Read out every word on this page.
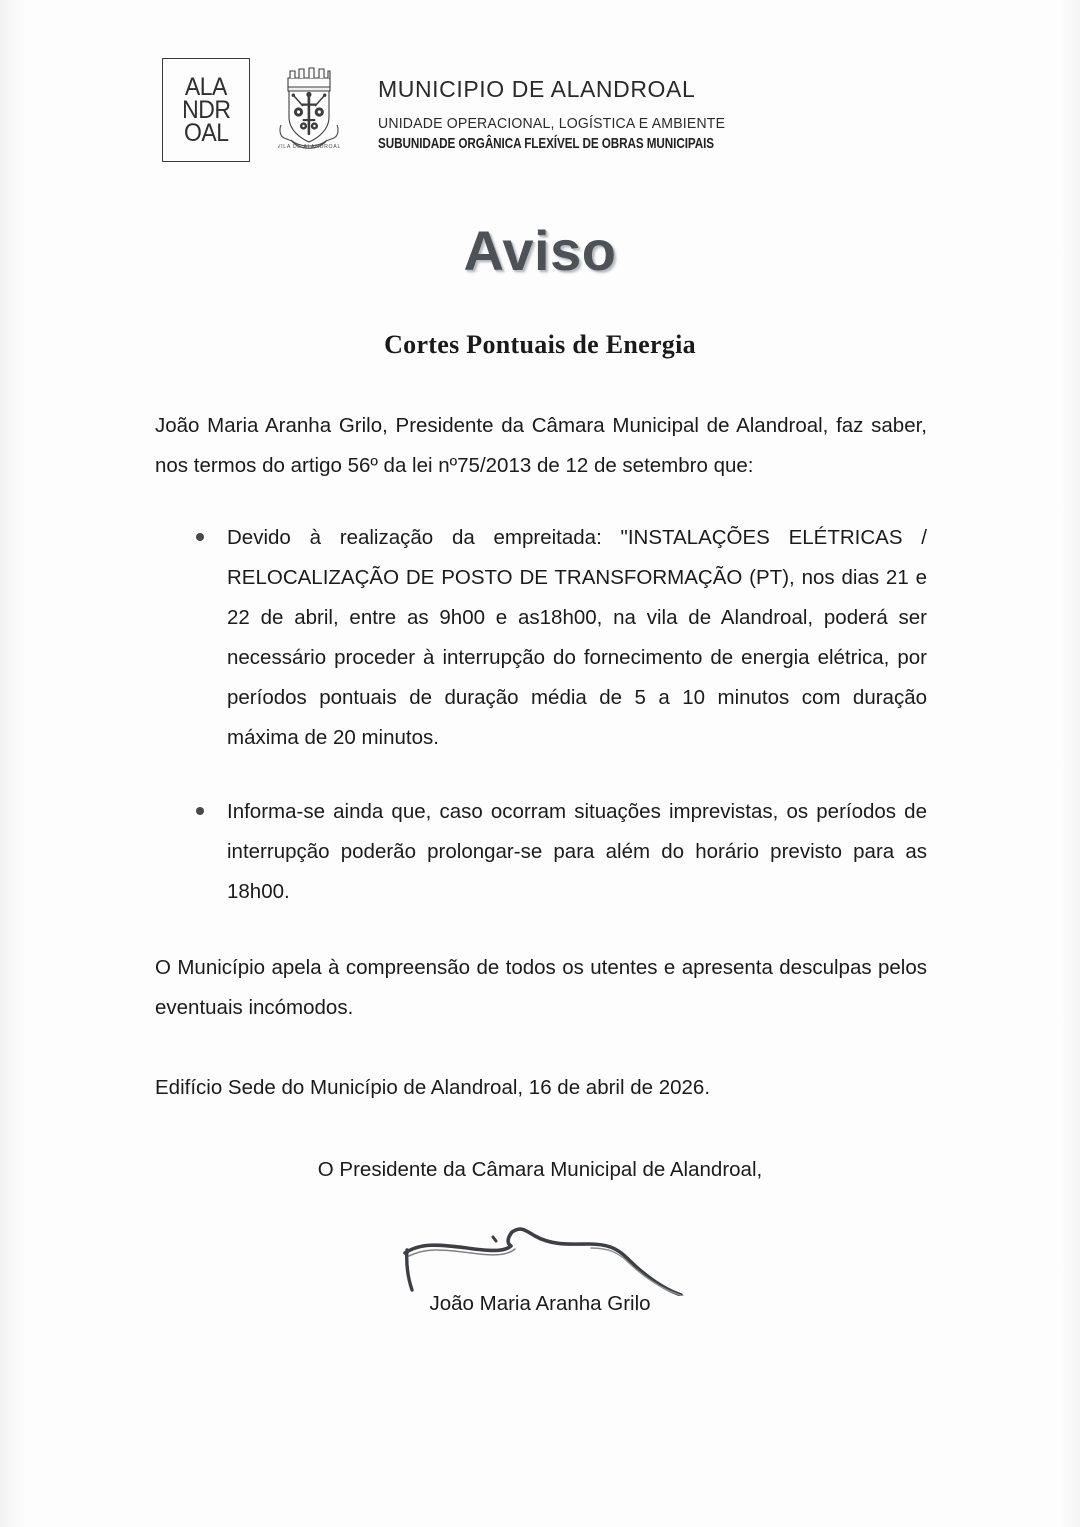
ALA
NDR
OAL
VILA DE ALANDROAL
MUNICIPIO DE ALANDROAL
UNIDADE OPERACIONAL, LOGÍSTICA E AMBIENTE
SUBUNIDADE ORGÂNICA FLEXÍVEL DE OBRAS MUNICIPAIS
Aviso
Cortes Pontuais de Energia
João Maria Aranha Grilo, Presidente da Câmara Municipal de Alandroal, faz saber, nos termos do artigo 56º da lei nº75/2013 de 12 de setembro que:
Devido à realização da empreitada: "INSTALAÇÕES ELÉTRICAS / RELOCALIZAÇÃO DE POSTO DE TRANSFORMAÇÃO (PT), nos dias 21 e 22 de abril, entre as 9h00 e as18h00, na vila de Alandroal, poderá ser necessário proceder à interrupção do fornecimento de energia elétrica, por períodos pontuais de duração média de 5 a 10 minutos com duração máxima de 20 minutos.
Informa-se ainda que, caso ocorram situações imprevistas, os períodos de interrupção poderão prolongar-se para além do horário previsto para as 18h00.
O Município apela à compreensão de todos os utentes e apresenta desculpas pelos eventuais incómodos.
Edifício Sede do Município de Alandroal, 16 de abril de 2026.
O Presidente da Câmara Municipal de Alandroal,
João Maria Aranha Grilo
